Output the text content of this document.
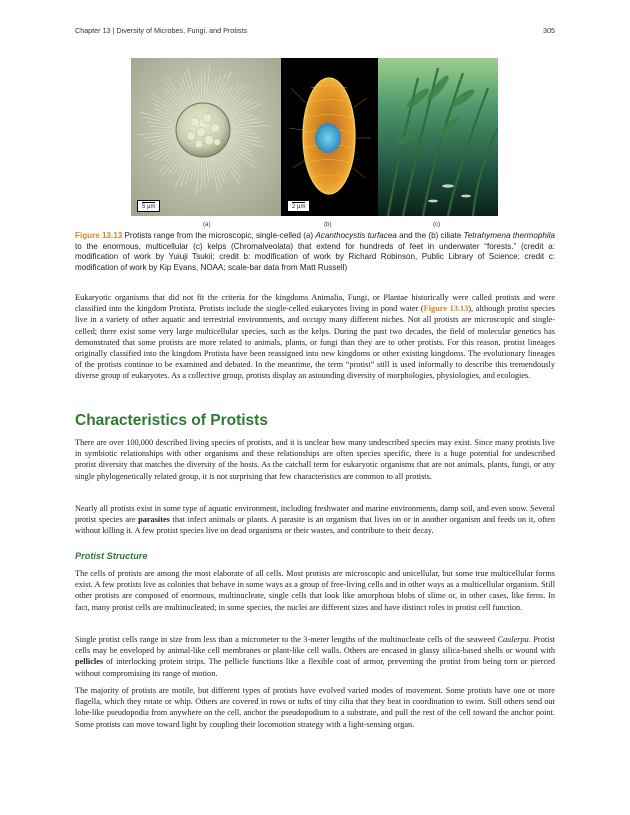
Chapter 13 | Diversity of Microbes, Fungi, and Protists	305
5 μm	2 μm
(a)	(b)	(c)
Figure 13.13 Protists range from the microscopic, single-celled (a) Acanthocystis turfacea and the (b) ciliate Tetrahymena thermophila to the enormous, multicellular (c) kelps (Chromalveolata) that extend for hundreds of feet in underwater “forests.” (credit a: modification of work by Yuiuji Tsukii; credit b: modification of work by Richard Robinson, Public Library of Science; credit c: modification of work by Kip Evans, NOAA; scale-bar data from Matt Russell)
Eukaryotic organisms that did not fit the criteria for the kingdoms Animalia, Fungi, or Plantae historically were called protists and were classified into the kingdom Protista. Protists include the single-celled eukaryotes living in pond water (Figure 13.13), although protist species live in a variety of other aquatic and terrestrial environments, and occupy many different niches. Not all protists are microscopic and single-celled; there exist some very large multicellular species, such as the kelps. During the past two decades, the field of molecular genetics has demonstrated that some protists are more related to animals, plants, or fungi than they are to other protists. For this reason, protist lineages originally classified into the kingdom Protista have been reassigned into new kingdoms or other existing kingdoms. The evolutionary lineages of the protists continue to be examined and debated. In the meantime, the term “protist” still is used informally to describe this tremendously diverse group of eukaryotes. As a collective group, protists display an astounding diversity of morphologies, physiologies, and ecologies.
Characteristics of Protists
There are over 100,000 described living species of protists, and it is unclear how many undescribed species may exist. Since many protists live in symbiotic relationships with other organisms and these relationships are often species specific, there is a huge potential for undescribed protist diversity that matches the diversity of the hosts. As the catchall term for eukaryotic organisms that are not animals, plants, fungi, or any single phylogenetically related group, it is not surprising that few characteristics are common to all protists.
Nearly all protists exist in some type of aquatic environment, including freshwater and marine environments, damp soil, and even snow. Several protist species are parasites that infect animals or plants. A parasite is an organism that lives on or in another organism and feeds on it, often without killing it. A few protist species live on dead organisms or their wastes, and contribute to their decay.
Protist Structure
The cells of protists are among the most elaborate of all cells. Most protists are microscopic and unicellular, but some true multicellular forms exist. A few protists live as colonies that behave in some ways as a group of free-living cells and in other ways as a multicellular organism. Still other protists are composed of enormous, multinucleate, single cells that look like amorphous blobs of slime or, in other cases, like ferns. In fact, many protist cells are multinucleated; in some species, the nuclei are different sizes and have distinct roles in protist cell function.
Single protist cells range in size from less than a micrometer to the 3-meter lengths of the multinucleate cells of the seaweed Caulerpa. Protist cells may be enveloped by animal-like cell membranes or plant-like cell walls. Others are encased in glassy silica-based shells or wound with pellicles of interlocking protein strips. The pellicle functions like a flexible coat of armor, preventing the protist from being torn or pierced without compromising its range of motion.
The majority of protists are motile, but different types of protists have evolved varied modes of movement. Some protists have one or more flagella, which they rotate or whip. Others are covered in rows or tufts of tiny cilia that they beat in coordination to swim. Still others send out lobe-like pseudopodia from anywhere on the cell, anchor the pseudopodium to a substrate, and pull the rest of the cell toward the anchor point. Some protists can move toward light by coupling their locomotion strategy with a light-sensing organ.
